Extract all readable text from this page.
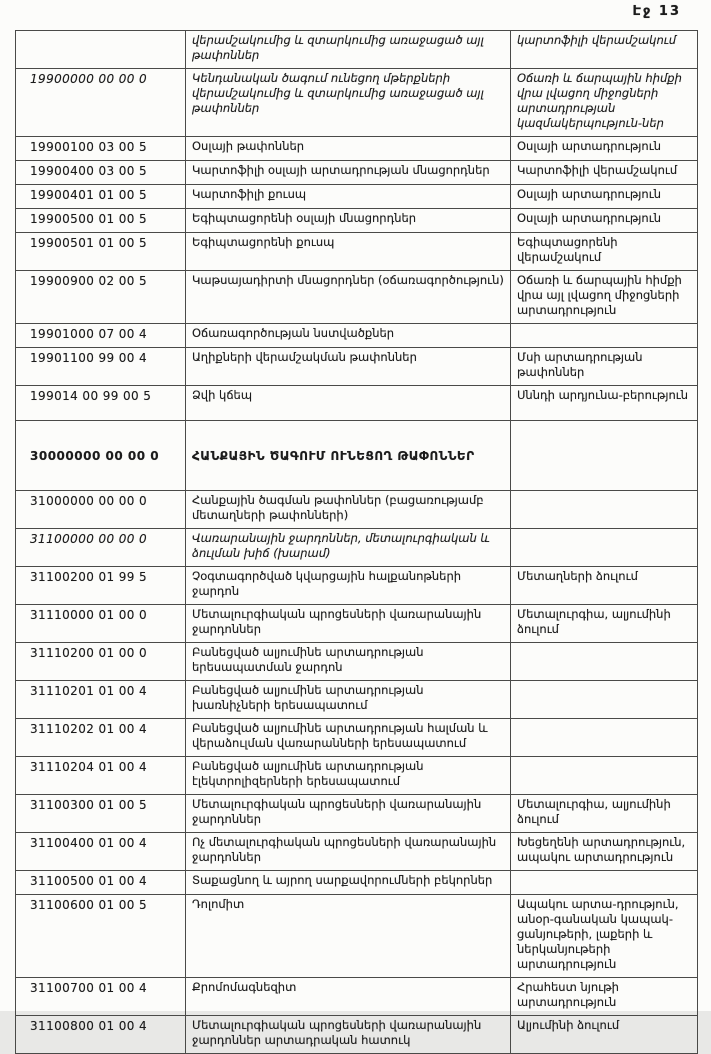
Էջ 13
	վերամշակումից և զտարկումից առաջացած այլ թափոններ	կարտոֆիլի վերամշակում
19900000 00 00 0	Կենդանական ծագում ունեցող մթերքների վերամշակումից և զտարկումից առաջացած այլ թափոններ	Օճառի և ճարպային հիմքի վրա լվացող միջոցների արտադրության կազմակերպություն-ներ
19900100 03 00 5	Օսլայի թափոններ	Օսլայի արտադրություն
19900400 03 00 5	Կարտոֆիլի օսլայի արտադրության մնացորդներ	Կարտոֆիլի վերամշակում
19900401 01 00 5	Կարտոֆիլի քուսպ	Օսլայի արտադրություն
19900500 01 00 5	Եգիպտացորենի օսլայի մնացորդներ	Օսլայի արտադրություն
19900501 01 00 5	Եգիպտացորենի քուսպ	Եգիպտացորենի վերամշակում
19900900 02 00 5	Կաթսայադիրտի մնացորդներ (օճառագործություն)	Օճառի և ճարպային հիմքի վրա այլ լվացող միջոցների արտադրություն
19901000 07 00 4	Օճառագործության նստվածքներ	
19901100 99 00 4	Աղիքների վերամշակման թափոններ	Մսի արտադրության թափոններ
199014 00 99 00 5	Ձվի կճեպ	Սննդի արդյունա-բերություն
30000000 00 00 0	ՀԱՆՔԱՅԻՆ ԾԱԳՈՒՄ ՈՒՆԵՑՈՂ ԹԱՓՈՆՆԵՐ	
31000000 00 00 0	Հանքային ծագման թափոններ (բացառությամբ մետաղների թափոնների)	
31100000 00 00 0	Վառարանային ջարդոններ, մետալուրգիական և ձուլման խիճ (խարամ)	
31100200 01 99 5	Չօգտագործված կվարցային հալքանոթների ջարդոն	Մետաղների ձուլում
31110000 01 00 0	Մետալուրգիական պրոցեսների վառարանային ջարդոններ	Մետալուրգիա, ալյումինի ձուլում
31110200 01 00 0	Բանեցված ալյումինե արտադրության երեսապատման ջարդոն	
31110201 01 00 4	Բանեցված ալյումինե արտադրության խառնիչների երեսապատում	
31110202 01 00 4	Բանեցված ալյումինե արտադրության հալման և վերաձուլման վառարանների երեսապատում	
31110204 01 00 4	Բանեցված ալյումինե արտադրության էլեկտրոլիզերների երեսապատում	
31100300 01 00 5	Մետալուրգիական պրոցեսների վառարանային ջարդոններ	Մետալուրգիա, ալյումինի ձուլում
31100400 01 00 4	Ոչ մետալուրգիական պրոցեսների վառարանային ջարդոններ	Խեցեղենի արտադրություն, ապակու արտադրություն
31100500 01 00 4	Տաքացնող և այրող սարքավորումների բեկորներ	
31100600 01 00 5	Դոլոմիտ	Ապակու արտա-դրություն, անօր-գանական կապակ-ցանյութերի, լաքերի և ներկանյութերի արտադրություն
31100700 01 00 4	Քրոմոմագնեզիտ	Հրահեստ նյութի արտադրություն
31100800 01 00 4	Մետալուրգիական պրոցեսների վառարանային ջարդոններ արտադրական հատուկ	Ալյումինի ձուլում
